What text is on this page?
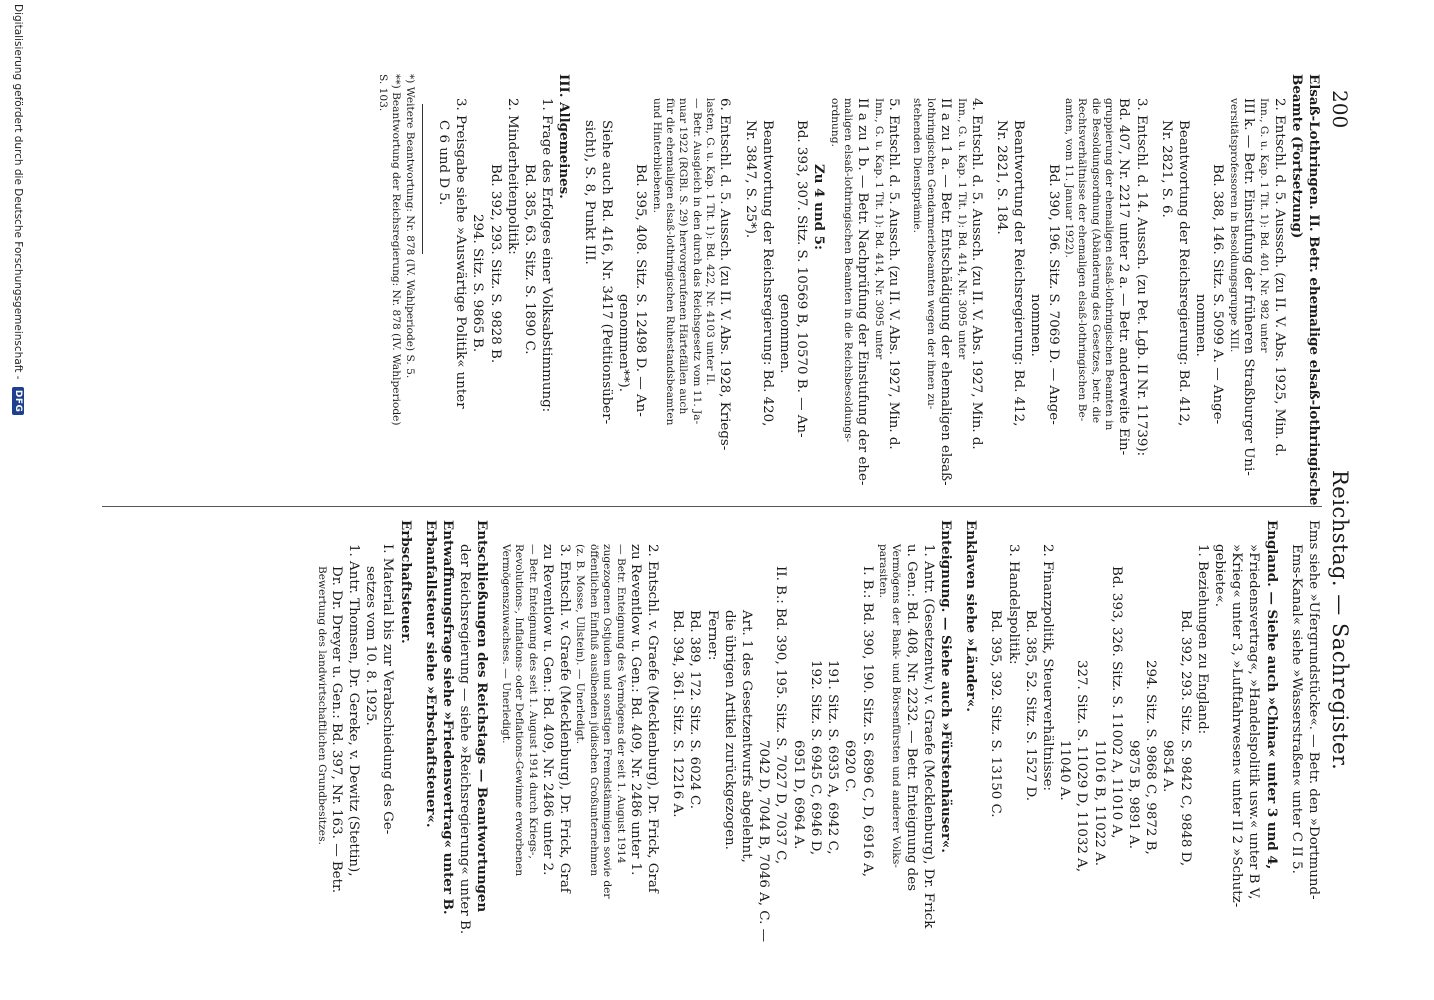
200
Reichstag. — Sachregister.
Elsaß-Lothringen. II. Betr. ehemalige elsaß-lothringische
Beamte (Fortsetzung)
2. Entschl. d. 5. Ausssch. (zu II. V. Abs. 1925, Min. d.
Inn., G. u. Kap. 1 Tit. 1): Bd. 401, Nr. 982 unter
III k. — Betr. Einstufung der früheren Straßburger Uni-
versitätsprofessoren in Besoldungsgruppe XIII.
Bd. 388, 146. Sitz. S. 5099 A. — Ange-
nommen.
Beantwortung der Reichsregierung: Bd. 412,
Nr. 2821, S. 6.
3. Entschl. d. 14. Aussch. (zu Pet. Lgb. II Nr. 11739):
Bd. 407, Nr. 2217 unter 2 a. — Betr. anderweite Ein-
gruppierung der ehemaligen elsaß-lothringischen Beamten in
die Besoldungsordnung (Abänderung des Gesetzes, betr. die
Rechtsverhältnisse der ehemaligen elsaß-lothringischen Be-
amten, vom 11. Januar 1922).
Bd. 390, 196. Sitz. S. 7069 D. — Ange-
nommen.
Beantwortung der Reichsregierung: Bd. 412,
Nr. 2821, S. 184.
4. Entschl. d. 5. Aussch. (zu II. V. Abs. 1927, Min. d.
Inn., G. u. Kap. 1 Tit. 1): Bd. 414, Nr. 3095 unter
II a zu 1 a. — Betr. Entschädigung der ehemaligen elsaß-
lothringischen Gendarmeriebeamten wegen der ihnen zu-
stehenden Dienstprämie.
5. Entschl. d. 5. Aussch. (zu II. V. Abs. 1927, Min. d.
Inn., G. u. Kap. 1 Tit. 1): Bd. 414, Nr. 3095 unter
II a zu 1 b. — Betr. Nachprüfung der Einstufung der ehe-
maligen elsaß-lothringischen Beamten in die Reichsbesoldungs-
ordnung.
Zu 4 und 5:
Bd. 393, 307. Sitz. S. 10569 B, 10570 B. — An-
genommen.
Beantwortung der Reichsregierung: Bd. 420,
Nr. 3847, S. 25*).
6. Entschl. d. 5. Aussch. (zu II. V. Abs. 1928, Kriegs-
lasten, G. u. Kap. 1 Tit. 1): Bd. 422, Nr. 4103 unter II.
— Betr. Ausgleich in den durch das Reichsgesetz vom 11. Ja-
nuar 1922 (RGBl. S. 29) hervorgerufenen Härtefällen auch
für die ehemaligen elsaß-lothringischen Ruhestandsbeamten
und Hinterbliebenen.
Bd. 395, 408. Sitz. S. 12498 D. — An-
genommen**).
Siehe auch Bd. 416, Nr. 3417 (Petitionsüber-
sicht), S. 8, Punkt III.
III. Allgemeines.
1. Frage des Erfolges einer Volksabstimmung:
Bd. 385, 63. Sitz. S. 1890 C.
2. Minderheitenpolitik:
Bd. 392, 293. Sitz. S. 9828 B.
294. Sitz. S. 9865 B.
3. Preisgabe siehe »Auswärtige Politik« unter
C 6 und D 5.
*) Weitere Beantwortung: Nr. 878 (IV. Wahlperiode) S. 5.
**) Beantwortung der Reichsregierung: Nr. 878 (IV. Wahlperiode)
S. 103.
Ems siehe »Ufergrundstücke«. — Betr. den »Dortmund-
Ems-Kanal« siehe »Wasserstraßen« unter C II 5.
England. — Siehe auch »China« unter 3 und 4,
»Friedensvertrag«, »Handelspolitik usw.« unter B V,
»Krieg« unter 3, »Luftfahrwesen« unter II 2 »Schutz-
gebiete«.
1. Beziehungen zu England:
Bd. 392, 293. Sitz. S. 9842 C, 9848 D,
9854 A.
294. Sitz. S. 9868 C, 9872 B,
9875 B, 9891 A.
Bd. 393, 326. Sitz. S. 11002 A, 11010 A,
11016 B, 11022 A.
327. Sitz. S. 11029 D, 11032 A,
11040 A.
2. Finanzpolitik, Steuerverhältnisse:
Bd. 385, 52. Sitz. S. 1527 D.
3. Handelspolitik:
Bd. 395, 392. Sitz. S. 13150 C.
Enklaven siehe »Länder«.
Enteignung. — Siehe auch »Fürstenhäuser«.
1. Antr. (Gesetzentw.) v. Graefe (Mecklenburg), Dr. Frick
u. Gen.: Bd. 408, Nr. 2232. — Betr. Enteignung des
Vermögens der Bank- und Börsenfürsten und anderer Volks-
parasiten.
I. B.: Bd. 390, 190. Sitz. S. 6896 C, D, 6916 A,
6920 C.
191. Sitz. S. 6935 A, 6942 C,
192. Sitz. S. 6945 C, 6946 D,
6951 D, 6964 A.
II. B.: Bd. 390, 195. Sitz. S. 7027 D, 7037 C,
7042 D, 7044 B, 7046 A, C. —
Art. 1 des Gesetzentwurfs abgelehnt,
die übrigen Artikel zurückgezogen.
Ferner:
Bd. 389, 172. Sitz. S. 6024 C.
Bd. 394, 361. Sitz. S. 12216 A.
2. Entschl. v. Graefe (Mecklenburg), Dr. Frick, Graf
zu Reventlow u. Gen.: Bd. 409, Nr. 2486 unter 1.
— Betr. Enteignung des Vermögens der seit 1. August 1914
zugezogenen Ostjuden und sonstigen Fremdstämmigen sowie der
öffentlichen Einfluß ausübenden jüdischen Großunternehmen
(z. B. Mosse, Ullstein). — Unerledigt.
3. Entschl. v. Graefe (Mecklenburg), Dr. Frick, Graf
zu Reventlow u. Gen.: Bd. 409, Nr. 2486 unter 2.
— Betr. Enteignung des seit 1. August 1914 durch Kriegs-,
Revolutions-, Inflations- oder Deflations-Gewinne erworbenen
Vermögenszuwachses. — Unerledigt.
Entschließungen des Reichstags — Beantwortungen
der Reichsregierung — siehe »Reichsregierung« unter B.
Entwaffnungsfrage siehe »Friedensvertrag« unter B.
Erbanfallsteuer siehe »Erbschaftsteuer«.
Erbschaftsteuer.
I. Material bis zur Verabschiedung des Ge-
setzes vom 10. 8. 1925.
1. Antr. Thomsen, Dr. Gereke, v. Dewitz (Stettin),
Dr. Dr. Dreyer u. Gen.: Bd. 397, Nr. 163. — Betr.
Bewertung des landwirtschaftlichen Grundbesitzes.
Digitalisierung gefördert durch die Deutsche Forschungsgemeinschaft - DFG
